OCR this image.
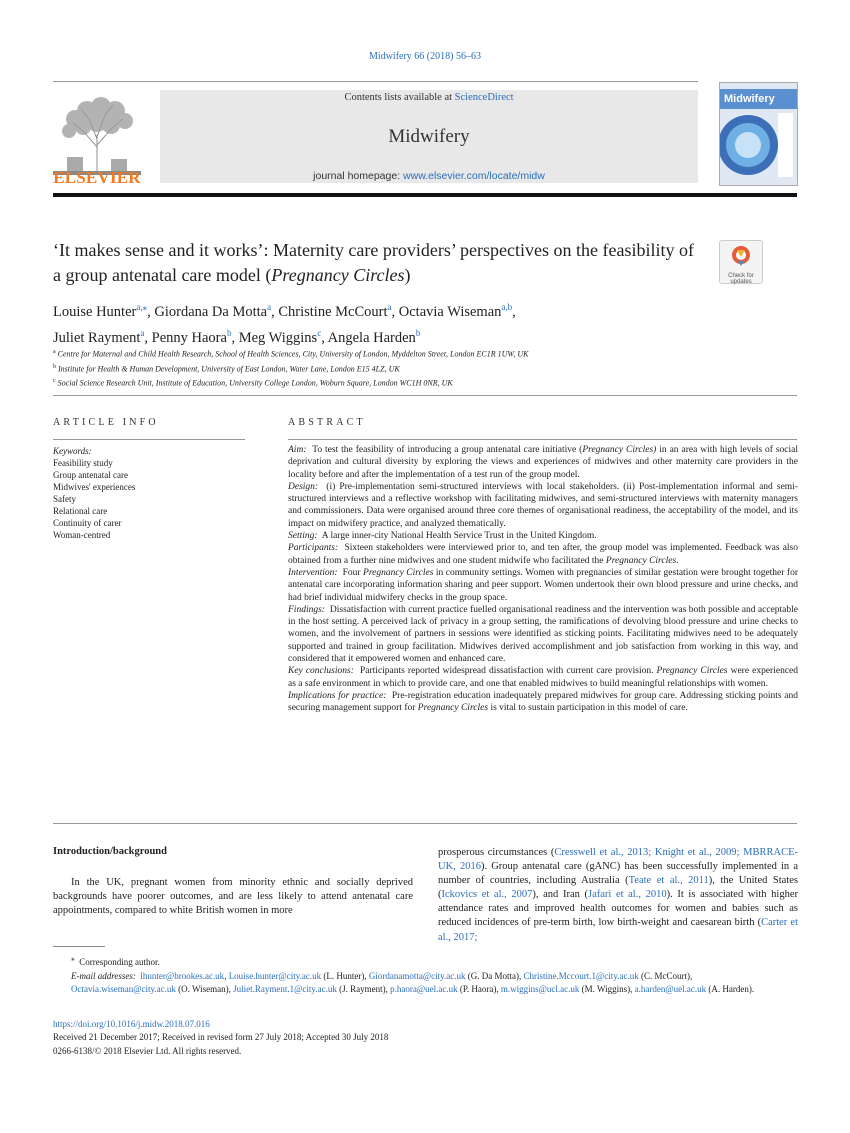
Midwifery 66 (2018) 56–63
ELSEVIER
Contents lists available at ScienceDirect
Midwifery
journal homepage: www.elsevier.com/locate/midw
Midwifery
‘It makes sense and it works’: Maternity care providers’ perspectives on the feasibility of a group antenatal care model (Pregnancy Circles)	Check for updates
Louise Hunter$^{a,⁎}$, Giordana Da Motta$^a$, Christine McCourt$^a$, Octavia Wiseman$^{a,b}$,
Juliet Rayment$^a$, Penny Haora$^b$, Meg Wiggins$^c$, Angela Harden$^b$
$^a$ Centre for Maternal and Child Health Research, School of Health Sciences, City, University of London, Myddelton Street, London EC1R 1UW, UK
$^b$ Institute for Health & Human Development, University of East London, Water Lane, London E15 4LZ, UK
$^c$ Social Science Research Unit, Institute of Education, University College London, Woburn Square, London WC1H 0NR, UK
ARTICLE INFO
Keywords:
Feasibility study
Group antenatal care
Midwives' experiences
Safety
Relational care
Continuity of carer
Woman-centred
ABSTRACT

Aim: To test the feasibility of introducing a group antenatal care initiative (Pregnancy Circles) in an area with high levels of social deprivation and cultural diversity by exploring the views and experiences of midwives and other maternity care providers in the locality before and after the implementation of a test run of the group model.

Design: (i) Pre-implementation semi-structured interviews with local stakeholders. (ii) Post-implementation informal and semi-structured interviews and a reflective workshop with facilitating midwives, and semi-structured interviews with maternity managers and commissioners. Data were organised around three core themes of organisational readiness, the acceptability of the model, and its impact on midwifery practice, and analyzed thematically.

Setting: A large inner-city National Health Service Trust in the United Kingdom.

Participants: Sixteen stakeholders were interviewed prior to, and ten after, the group model was implemented. Feedback was also obtained from a further nine midwives and one student midwife who facilitated the Pregnancy Circles.

Intervention: Four Pregnancy Circles in community settings. Women with pregnancies of similar gestation were brought together for antenatal care incorporating information sharing and peer support. Women undertook their own blood pressure and urine checks, and had brief individual midwifery checks in the group space.

Findings: Dissatisfaction with current practice fuelled organisational readiness and the intervention was both possible and acceptable in the host setting. A perceived lack of privacy in a group setting, the ramifications of devolving blood pressure and urine checks to women, and the involvement of partners in sessions were identified as sticking points. Facilitating midwives need to be adequately supported and trained in group facilitation. Midwives derived accomplishment and job satisfaction from working in this way, and considered that it empowered women and enhanced care.

Key conclusions: Participants reported widespread dissatisfaction with current care provision. Pregnancy Circles were experienced as a safe environment in which to provide care, and one that enabled midwives to build meaningful relationships with women.

Implications for practice: Pre-registration education inadequately prepared midwives for group care. Addressing sticking points and securing management support for Pregnancy Circles is vital to sustain participation in this model of care.

Introduction/background
In the UK, pregnant women from minority ethnic and socially deprived backgrounds have poorer outcomes, and are less likely to attend antenatal care appointments, compared to white British women in more
prosperous circumstances (Cresswell et al., 2013; Knight et al., 2009; MBRRACE-UK, 2016). Group antenatal care (gANC) has been successfully implemented in a number of countries, including Australia (Teate et al., 2011), the United States (Ickovics et al., 2007), and Iran (Jafari et al., 2010). It is associated with higher attendance rates and improved health outcomes for women and babies such as reduced incidences of pre-term birth, low birth-weight and caesarean birth (Carter et al., 2017;
⁎ Corresponding author.
E-mail addresses: lhunter@brookes.ac.uk, Louise.hunter@city.ac.uk (L. Hunter), Giordanamotta@city.ac.uk (G. Da Motta), Christine.Mccourt.1@city.ac.uk (C. McCourt), Octavia.wiseman@city.ac.uk (O. Wiseman), Juliet.Rayment.1@city.ac.uk (J. Rayment), p.haora@uel.ac.uk (P. Haora), m.wiggins@ucl.ac.uk (M. Wiggins), a.harden@uel.ac.uk (A. Harden).
https://doi.org/10.1016/j.midw.2018.07.016
Received 21 December 2017; Received in revised form 27 July 2018; Accepted 30 July 2018
0266-6138/© 2018 Elsevier Ltd. All rights reserved.
